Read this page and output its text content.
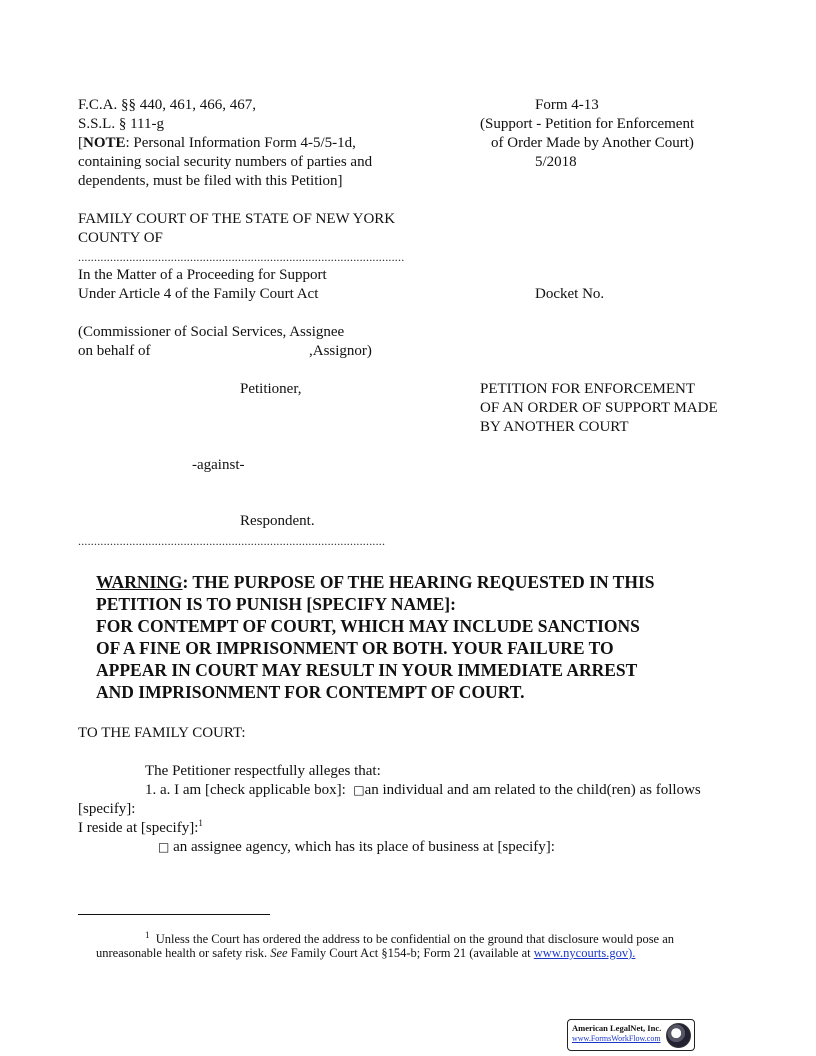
F.C.A. §§ 440, 461, 466, 467,
S.S.L. § 111-g
[NOTE: Personal Information Form 4-5/5-1d,
containing social security numbers of parties and
dependents, must be filed with this Petition]
Form 4-13
(Support - Petition for Enforcement
of Order Made by Another Court)
5/2018
FAMILY COURT OF THE STATE OF NEW YORK
COUNTY OF
......................................................................................................
In the Matter of a Proceeding for Support
Under Article 4 of the Family Court Act	Docket No.
(Commissioner of Social Services, Assignee
on behalf of	,Assignor)
Petitioner,	PETITION FOR ENFORCEMENT
OF AN ORDER OF SUPPORT MADE
BY ANOTHER COURT
-against-
Respondent.
................................................................................................
WARNING: THE PURPOSE OF THE HEARING REQUESTED IN THIS
PETITION IS TO PUNISH [SPECIFY NAME]:
FOR CONTEMPT OF COURT, WHICH MAY INCLUDE SANCTIONS
OF A FINE OR IMPRISONMENT OR BOTH. YOUR FAILURE TO
APPEAR IN COURT MAY RESULT IN YOUR IMMEDIATE ARREST
AND IMPRISONMENT FOR CONTEMPT OF COURT.
TO THE FAMILY COURT:
The Petitioner respectfully alleges that:
1. a. I am [check applicable box]: □an individual and am related to the child(ren) as follows
[specify]:
I reside at [specify]:$^1$
□ an assignee agency, which has its place of business at [specify]:
$^1$ Unless the Court has ordered the address to be confidential on the ground that disclosure would pose an
unreasonable health or safety risk. See Family Court Act §154-b; Form 21 (available at www.nycourts.gov).
American LegalNet, Inc.
www.FormsWorkFlow.com
